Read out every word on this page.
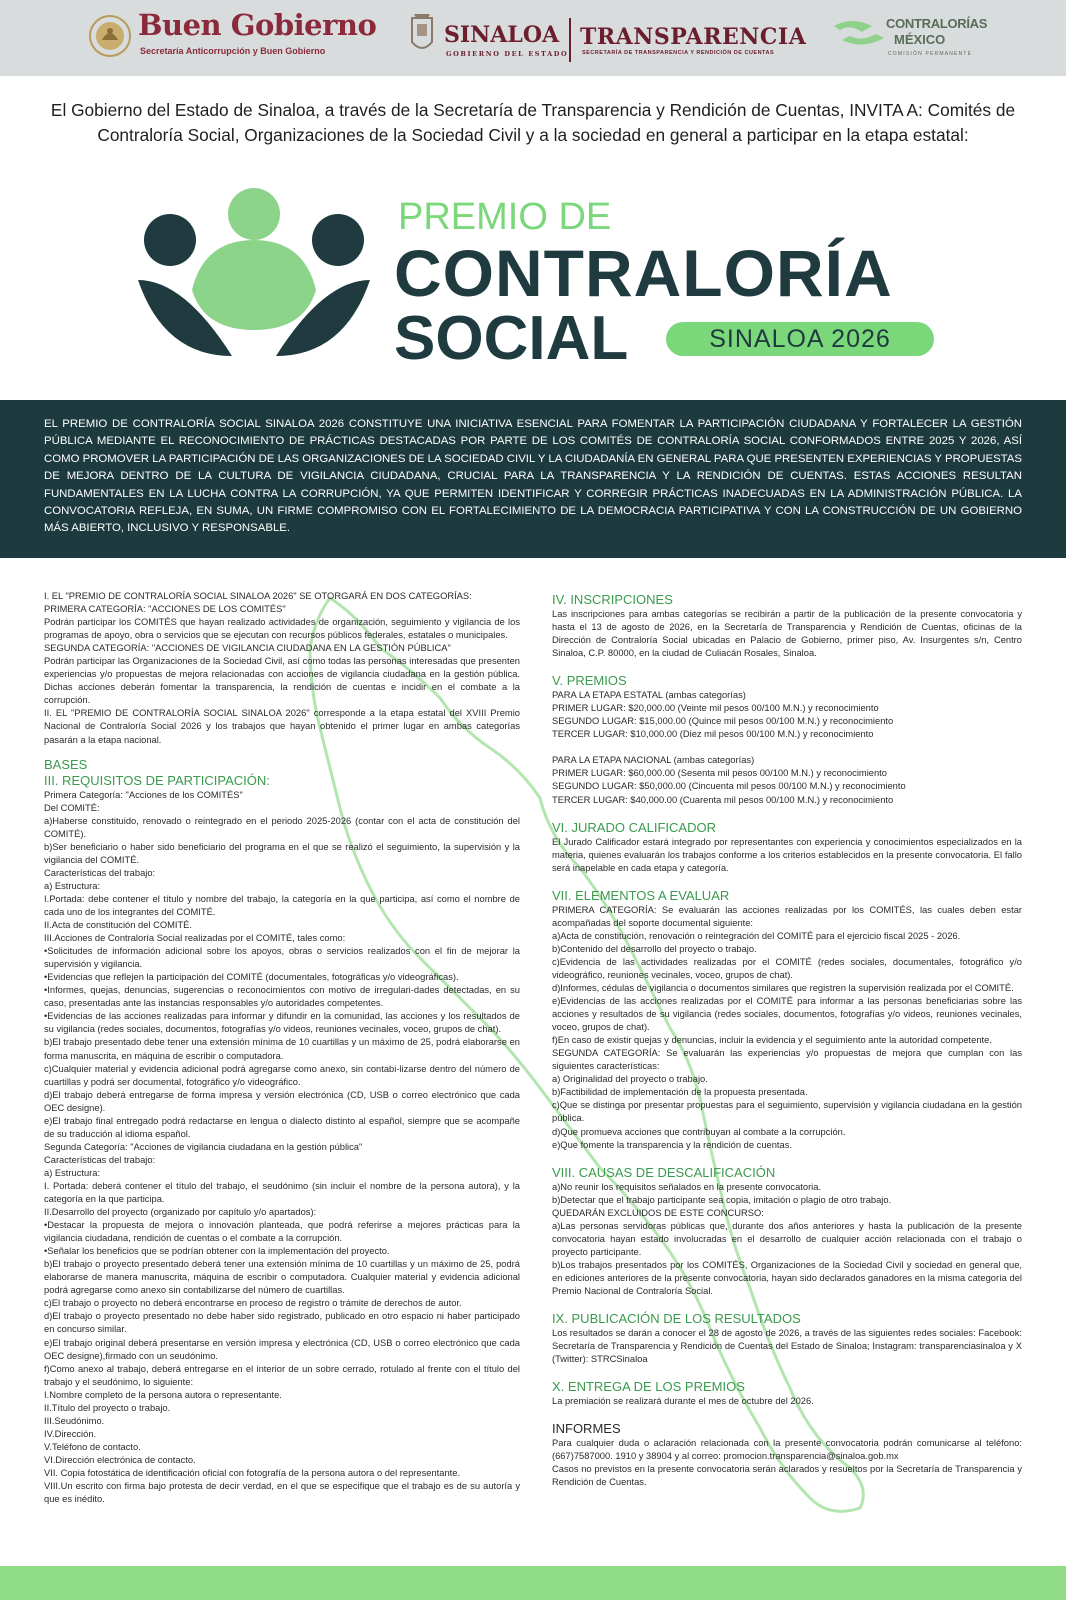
Buen Gobierno
Secretaría Anticorrupción y Buen Gobierno
SINALOA
GOBIERNO DEL ESTADO
TRANSPARENCIA
SECRETARÍA DE TRANSPARENCIA Y RENDICIÓN DE CUENTAS
CONTRALORÍAS
MÉXICO
COMISIÓN PERMANENTE
El Gobierno del Estado de Sinaloa, a través de la Secretaría de Transparencia y Rendición de Cuentas, INVITA A: Comités de Contraloría Social, Organizaciones de la Sociedad Civil y a la sociedad en general a participar en la etapa estatal:
PREMIO DE
CONTRALORÍA
SOCIAL	SINALOA 2026
EL PREMIO DE CONTRALORÍA SOCIAL SINALOA 2026 CONSTITUYE UNA INICIATIVA ESENCIAL PARA FOMENTAR LA PARTICIPACIÓN CIUDADANA Y FORTALECER LA GESTIÓN PÚBLICA MEDIANTE EL RECONOCIMIENTO DE PRÁCTICAS DESTACADAS POR PARTE DE LOS COMITÉS DE CONTRALORÍA SOCIAL CONFORMADOS ENTRE 2025 Y 2026, ASÍ COMO PROMOVER LA PARTICIPACIÓN DE LAS ORGANIZACIONES DE LA SOCIEDAD CIVIL Y LA CIUDADANÍA EN GENERAL PARA QUE PRESENTEN EXPERIENCIAS Y PROPUESTAS DE MEJORA DENTRO DE LA CULTURA DE VIGILANCIA CIUDADANA, CRUCIAL PARA LA TRANSPARENCIA Y LA RENDICIÓN DE CUENTAS. ESTAS ACCIONES RESULTAN FUNDAMENTALES EN LA LUCHA CONTRA LA CORRUPCIÓN, YA QUE PERMITEN IDENTIFICAR Y CORREGIR PRÁCTICAS INADECUADAS EN LA ADMINISTRACIÓN PÚBLICA. LA CONVOCATORIA REFLEJA, EN SUMA, UN FIRME COMPROMISO CON EL FORTALECIMIENTO DE LA DEMOCRACIA PARTICIPATIVA Y CON LA CONSTRUCCIÓN DE UN GOBIERNO MÁS ABIERTO, INCLUSIVO Y RESPONSABLE.

I. EL "PREMIO DE CONTRALORÍA SOCIAL SINALOA 2026" SE OTORGARÁ EN DOS CATEGORÍAS:

PRIMERA CATEGORÍA: "ACCIONES DE LOS COMITÉS"

Podrán participar los COMITÉS que hayan realizado actividades de organización, seguimiento y vigilancia de los programas de apoyo, obra o servicios que se ejecutan con recursos públicos federales, estatales o municipales.

SEGUNDA CATEGORÍA: "ACCIONES DE VIGILANCIA CIUDADANA EN LA GESTIÓN PÚBLICA"

Podrán participar las Organizaciones de la Sociedad Civil, así como todas las personas interesadas que presenten experiencias y/o propuestas de mejora relacionadas con acciones de vigilancia ciudadana en la gestión pública. Dichas acciones deberán fomentar la transparencia, la rendición de cuentas e incidir en el combate a la corrupción.

II. EL "PREMIO DE CONTRALORÍA SOCIAL SINALOA 2026" corresponde a la etapa estatal del XVIII Premio Nacional de Contraloría Social 2026 y los trabajos que hayan obtenido el primer lugar en ambas categorías pasarán a la etapa nacional.

BASES

III. REQUISITOS DE PARTICIPACIÓN:

Primera Categoría: "Acciones de los COMITÉS"

Del COMITÉ:

a)Haberse constituido, renovado o reintegrado en el periodo 2025-2026 (contar con el acta de constitución del COMITÉ).

b)Ser beneficiario o haber sido beneficiario del programa en el que se realizó el seguimiento, la supervisión y la vigilancia del COMITÉ.

Características del trabajo:

a) Estructura:

I.Portada: debe contener el título y nombre del trabajo, la categoría en la que participa, así como el nombre de cada uno de los integrantes del COMITÉ.

II.Acta de constitución del COMITÉ.

III.Acciones de Contraloría Social realizadas por el COMITÉ, tales como:

•Solicitudes de información adicional sobre los apoyos, obras o servicios realizados con el fin de mejorar la supervisión y vigilancia.

•Evidencias que reflejen la participación del COMITÉ (documentales, fotográficas y/o videográficas).

•Informes, quejas, denuncias, sugerencias o reconocimientos con motivo de irregulari-dades detectadas, en su caso, presentadas ante las instancias responsables y/o autoridades competentes.

•Evidencias de las acciones realizadas para informar y difundir en la comunidad, las acciones y los resultados de su vigilancia (redes sociales, documentos, fotografías y/o videos, reuniones vecinales, voceo, grupos de chat).

b)El trabajo presentado debe tener una extensión mínima de 10 cuartillas y un máximo de 25, podrá elaborarse en forma manuscrita, en máquina de escribir o computadora.

c)Cualquier material y evidencia adicional podrá agregarse como anexo, sin contabi-lizarse dentro del número de cuartillas y podrá ser documental, fotográfico y/o videográfico.

d)El trabajo deberá entregarse de forma impresa y versión electrónica (CD, USB o correo electrónico que cada OEC designe).

e)El trabajo final entregado podrá redactarse en lengua o dialecto distinto al español, siempre que se acompañe de su traducción al idioma español.

Segunda Categoría: "Acciones de vigilancia ciudadana en la gestión pública"

Características del trabajo:

a) Estructura:

I. Portada: deberá contener el título del trabajo, el seudónimo (sin incluir el nombre de la persona autora), y la categoría en la que participa.

II.Desarrollo del proyecto (organizado por capítulo y/o apartados):

•Destacar la propuesta de mejora o innovación planteada, que podrá referirse a mejores prácticas para la vigilancia ciudadana, rendición de cuentas o el combate a la corrupción.

•Señalar los beneficios que se podrían obtener con la implementación del proyecto.

b)El trabajo o proyecto presentado deberá tener una extensión mínima de 10 cuartillas y un máximo de 25, podrá elaborarse de manera manuscrita, máquina de escribir o computadora. Cualquier material y evidencia adicional podrá agregarse como anexo sin contabilizarse del número de cuartillas.

c)El trabajo o proyecto no deberá encontrarse en proceso de registro o trámite de derechos de autor.

d)El trabajo o proyecto presentado no debe haber sido registrado, publicado en otro espacio ni haber participado en concurso similar.

e)El trabajo original deberá presentarse en versión impresa y electrónica (CD, USB o correo electrónico que cada OEC designe),firmado con un seudónimo.

f)Como anexo al trabajo, deberá entregarse en el interior de un sobre cerrado, rotulado al frente con el título del trabajo y el seudónimo, lo siguiente:

I.Nombre completo de la persona autora o representante.

II.Título del proyecto o trabajo.

III.Seudónimo.

IV.Dirección.

V.Teléfono de contacto.

VI.Dirección electrónica de contacto.

VII. Copia fotostática de identificación oficial con fotografía de la persona autora o del representante.

VIII.Un escrito con firma bajo protesta de decir verdad, en el que se especifique que el trabajo es de su autoría y que es inédito.

IV. INSCRIPCIONES

Las inscripciones para ambas categorías se recibirán a partir de la publicación de la presente convocatoria y hasta el 13 de agosto de 2026, en la Secretaría de Transparencia y Rendición de Cuentas, oficinas de la Dirección de Contraloría Social ubicadas en Palacio de Gobierno, primer piso, Av. Insurgentes s/n, Centro Sinaloa, C.P. 80000, en la ciudad de Culiacán Rosales, Sinaloa.

V. PREMIOS

PARA LA ETAPA ESTATAL (ambas categorías)

PRIMER LUGAR: $20,000.00 (Veinte mil pesos 00/100 M.N.) y reconocimiento

SEGUNDO LUGAR: $15,000.00 (Quince mil pesos 00/100 M.N.) y reconocimiento

TERCER LUGAR: $10,000.00 (Diez mil pesos 00/100 M.N.) y reconocimiento

PARA LA ETAPA NACIONAL (ambas categorías)

PRIMER LUGAR: $60,000.00 (Sesenta mil pesos 00/100 M.N.) y reconocimiento

SEGUNDO LUGAR: $50,000.00 (Cincuenta mil pesos 00/100 M.N.) y reconocimiento

TERCER LUGAR: $40,000.00 (Cuarenta mil pesos 00/100 M.N.) y reconocimiento

VI. JURADO CALIFICADOR

El Jurado Calificador estará integrado por representantes con experiencia y conocimientos especializados en la materia, quienes evaluarán los trabajos conforme a los criterios establecidos en la presente convocatoria. El fallo será inapelable en cada etapa y categoría.

VII. ELEMENTOS A EVALUAR

PRIMERA CATEGORÍA: Se evaluarán las acciones realizadas por los COMITÉS, las cuales deben estar acompañadas del soporte documental siguiente:

a)Acta de constitución, renovación o reintegración del COMITÉ para el ejercicio fiscal 2025 - 2026.

b)Contenido del desarrollo del proyecto o trabajo.

c)Evidencia de las actividades realizadas por el COMITÉ (redes sociales, documentales, fotográfico y/o videográfico, reuniones vecinales, voceo, grupos de chat).

d)Informes, cédulas de vigilancia o documentos similares que registren la supervisión realizada por el COMITÉ.

e)Evidencias de las acciones realizadas por el COMITÉ para informar a las personas beneficiarias sobre las acciones y resultados de su vigilancia (redes sociales, documentos, fotografías y/o videos, reuniones vecinales, voceo, grupos de chat).

f)En caso de existir quejas y denuncias, incluir la evidencia y el seguimiento ante la autoridad competente.

SEGUNDA CATEGORÍA: Se evaluarán las experiencias y/o propuestas de mejora que cumplan con las siguientes características:

a) Originalidad del proyecto o trabajo.

b)Factibilidad de implementación de la propuesta presentada.

c)Que se distinga por presentar propuestas para el seguimiento, supervisión y vigilancia ciudadana en la gestión pública.

d)Que promueva acciones que contribuyan al combate a la corrupción.

e)Que fomente la transparencia y la rendición de cuentas.

VIII. CAUSAS DE DESCALIFICACIÓN

a)No reunir los requisitos señalados en la presente convocatoria.

b)Detectar que el trabajo participante sea copia, imitación o plagio de otro trabajo.

QUEDARÁN EXCLUIDOS DE ESTE CONCURSO:

a)Las personas servidoras públicas que, durante dos años anteriores y hasta la publicación de la presente convocatoria hayan estado involucradas en el desarrollo de cualquier acción relacionada con el trabajo o proyecto participante.

b)Los trabajos presentados por los COMITÉS, Organizaciones de la Sociedad Civil y sociedad en general que, en ediciones anteriores de la presente convocatoria, hayan sido declarados ganadores en la misma categoría del Premio Nacional de Contraloría Social.

IX. PUBLICACIÓN DE LOS RESULTADOS

Los resultados se darán a conocer el 28 de agosto de 2026, a través de las siguientes redes sociales: Facebook: Secretaría de Transparencia y Rendición de Cuentas del Estado de Sinaloa; Instagram: transparenciasinaloa y X (Twitter): STRCSinaloa

X. ENTREGA DE LOS PREMIOS

La premiación se realizará durante el mes de octubre del 2026.

INFORMES

Para cualquier duda o aclaración relacionada con la presente convocatoria podrán comunicarse al teléfono: (667)7587000. 1910 y 38904 y al correo: promocion.transparencia@sinaloa.gob.mx

Casos no previstos en la presente convocatoria serán aclarados y resueltos por la Secretaría de Transparencia y Rendición de Cuentas.
